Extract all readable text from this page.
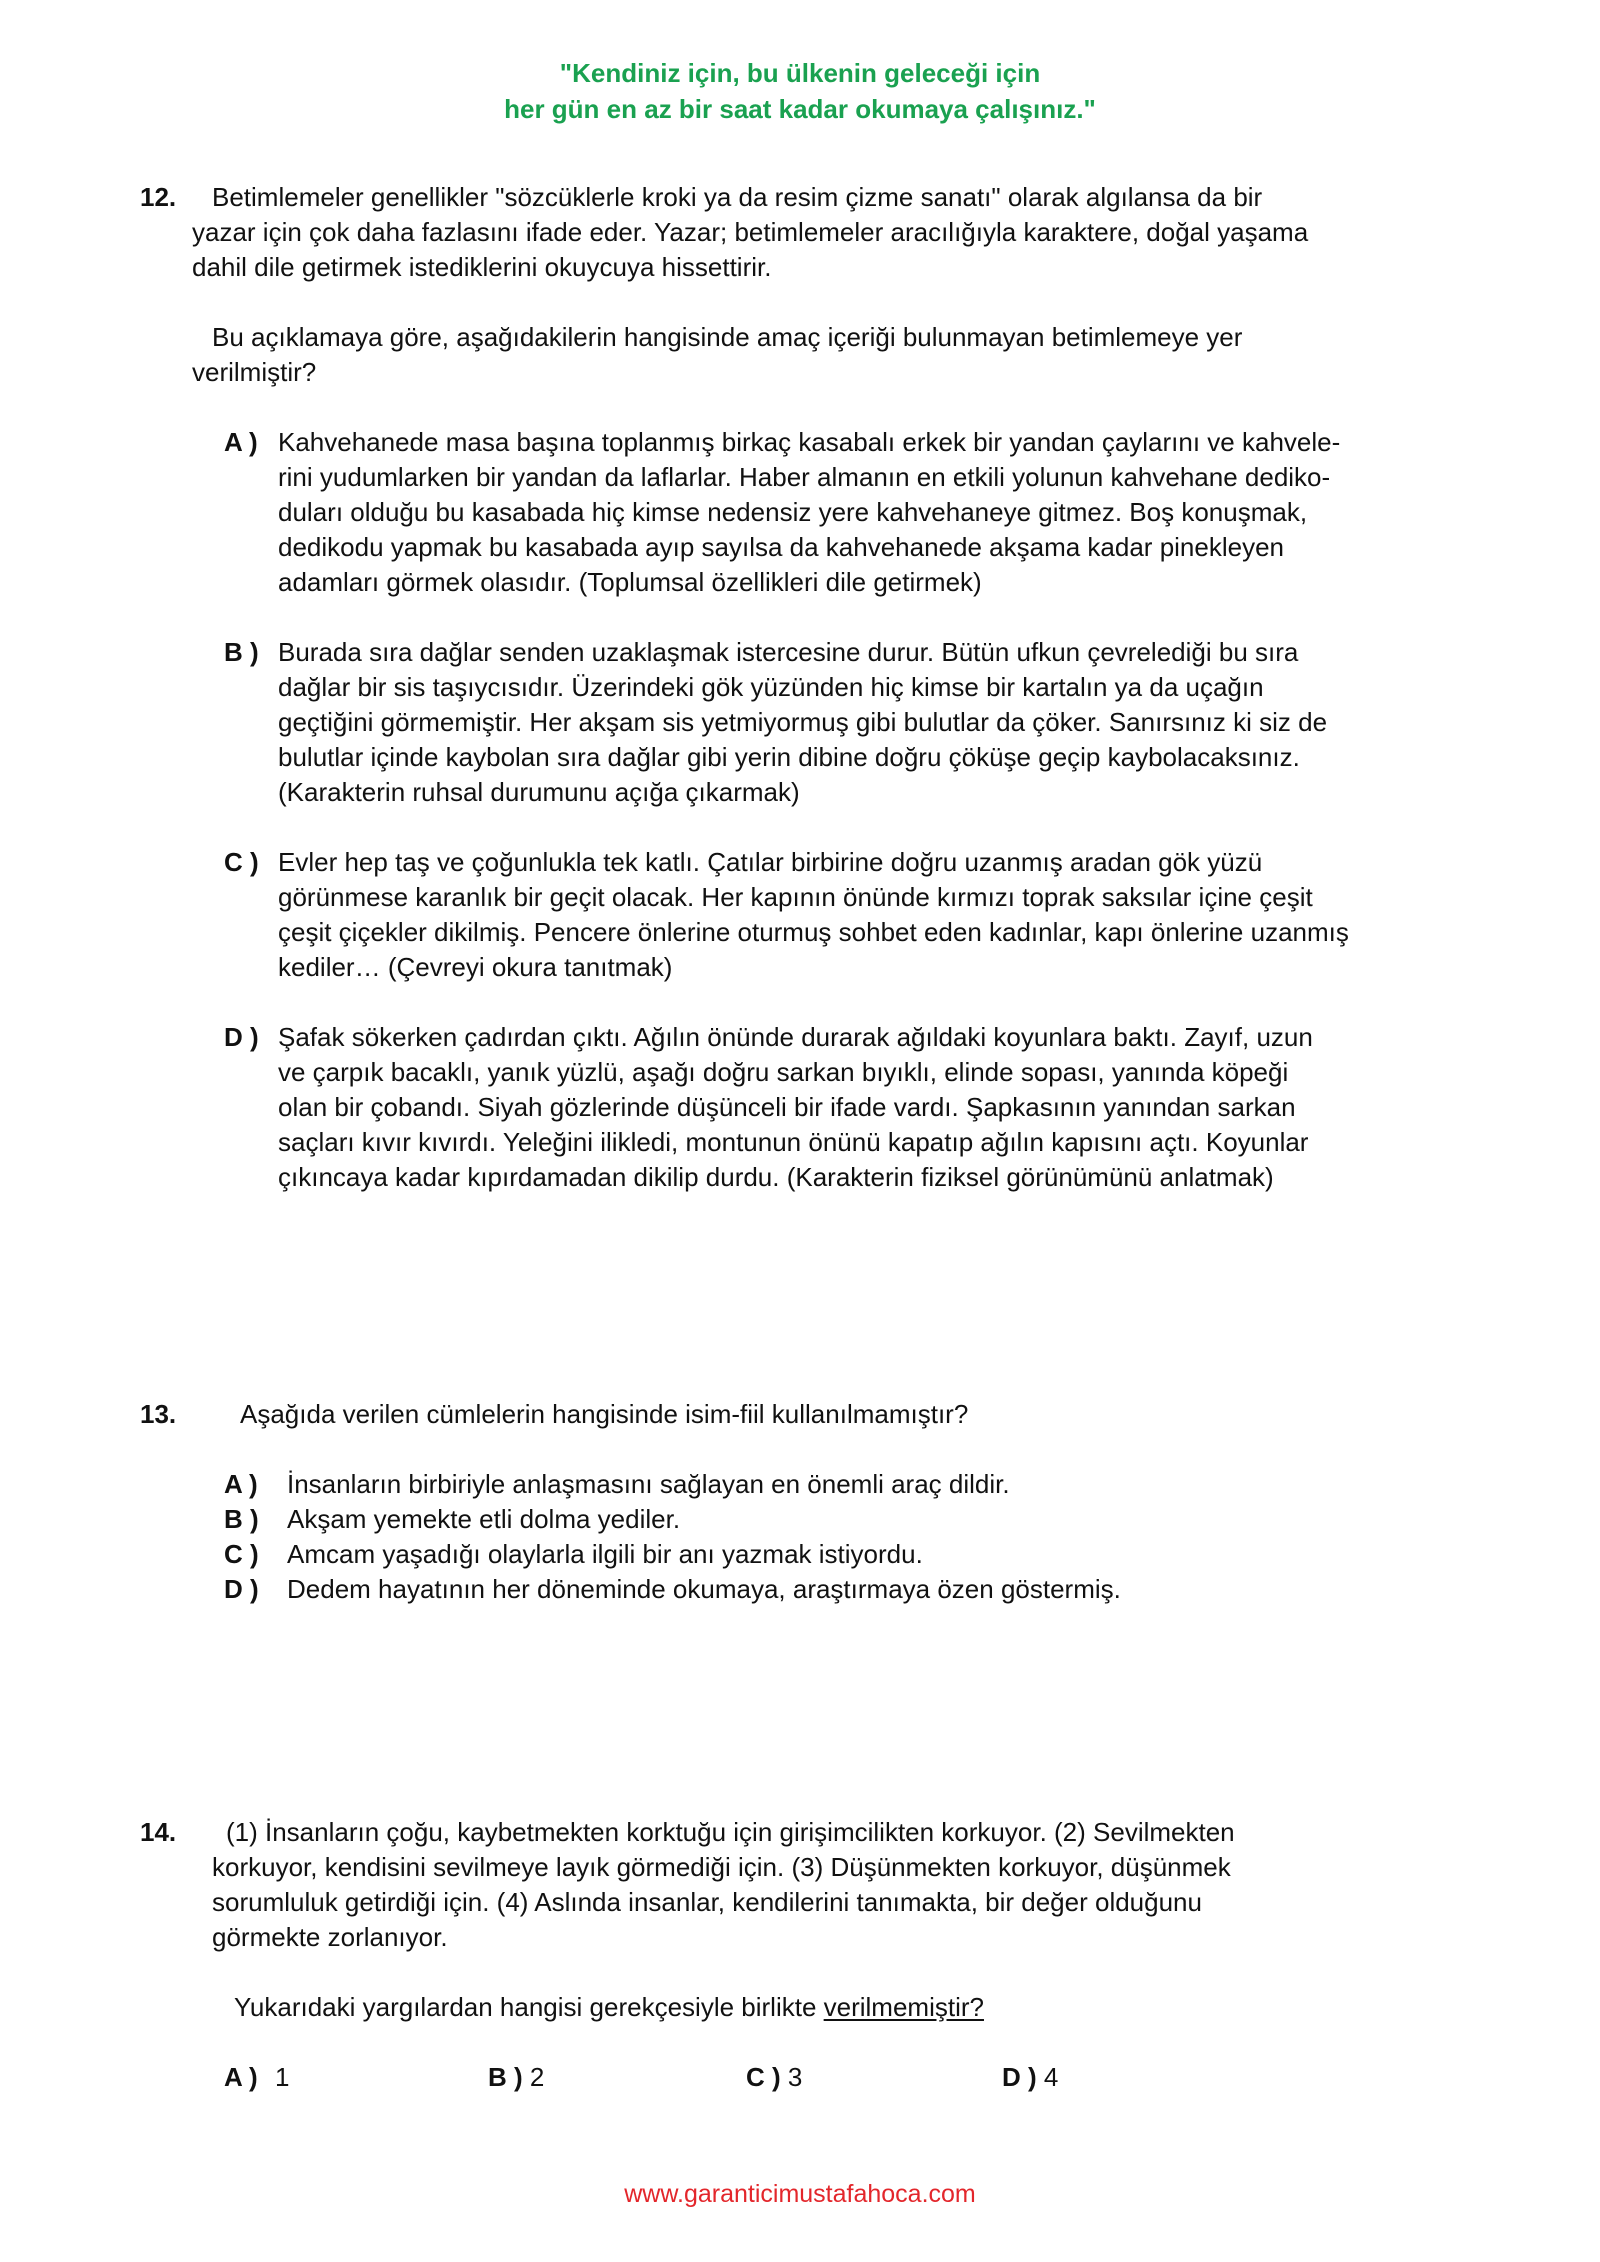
"Kendiniz için, bu ülkenin geleceği için
her gün en az bir saat kadar okumaya çalışınız."
12. Betimlemeler genellikler "sözcüklerle kroki ya da resim çizme sanatı" olarak algılansa da bir
yazar için çok daha fazlasını ifade eder. Yazar; betimlemeler aracılığıyla karaktere, doğal yaşama
dahil dile getirmek istediklerini okuycuya hissettirir.
Bu açıklamaya göre, aşağıdakilerin hangisinde amaç içeriği bulunmayan betimlemeye yer
verilmiştir?
A ) Kahvehanede masa başına toplanmış birkaç kasabalı erkek bir yandan çaylarını ve kahvele-
rini yudumlarken bir yandan da laflarlar. Haber almanın en etkili yolunun kahvehane dediko-
duları olduğu bu kasabada hiç kimse nedensiz yere kahvehaneye gitmez. Boş konuşmak,
dedikodu yapmak bu kasabada ayıp sayılsa da kahvehanede akşama kadar pinekleyen
adamları görmek olasıdır. (Toplumsal özellikleri dile getirmek)
B ) Burada sıra dağlar senden uzaklaşmak istercesine durur. Bütün ufkun çevrelediği bu sıra
dağlar bir sis taşıycısıdır. Üzerindeki gök yüzünden hiç kimse bir kartalın ya da uçağın
geçtiğini görmemiştir. Her akşam sis yetmiyormuş gibi bulutlar da çöker. Sanırsınız ki siz de
bulutlar içinde kaybolan sıra dağlar gibi yerin dibine doğru çöküşe geçip kaybolacaksınız.
(Karakterin ruhsal durumunu açığa çıkarmak)
C ) Evler hep taş ve çoğunlukla tek katlı. Çatılar birbirine doğru uzanmış aradan gök yüzü
görünmese karanlık bir geçit olacak. Her kapının önünde kırmızı toprak saksılar içine çeşit
çeşit çiçekler dikilmiş. Pencere önlerine oturmuş sohbet eden kadınlar, kapı önlerine uzanmış
kediler… (Çevreyi okura tanıtmak)
D ) Şafak sökerken çadırdan çıktı. Ağılın önünde durarak ağıldaki koyunlara baktı. Zayıf, uzun
ve çarpık bacaklı, yanık yüzlü, aşağı doğru sarkan bıyıklı, elinde sopası, yanında köpeği
olan bir çobandı. Siyah gözlerinde düşünceli bir ifade vardı. Şapkasının yanından sarkan
saçları kıvır kıvırdı. Yeleğini ilikledi, montunun önünü kapatıp ağılın kapısını açtı. Koyunlar
çıkıncaya kadar kıpırdamadan dikilip durdu. (Karakterin fiziksel görünümünü anlatmak)
13.	Aşağıda verilen cümlelerin hangisinde isim-fiil kullanılmamıştır?
A ) İnsanların birbiriyle anlaşmasını sağlayan en önemli araç dildir.
B ) Akşam yemekte etli dolma yediler.
C ) Amcam yaşadığı olaylarla ilgili bir anı yazmak istiyordu.
D ) Dedem hayatının her döneminde okumaya, araştırmaya özen göstermiş.
14.	(1) İnsanların çoğu, kaybetmekten korktuğu için girişimcilikten korkuyor. (2) Sevilmekten
korkuyor, kendisini sevilmeye layık görmediği için. (3) Düşünmekten korkuyor, düşünmek
sorumluluk getirdiği için. (4) Aslında insanlar, kendilerini tanımakta, bir değer olduğunu
görmekte zorlanıyor.
Yukarıdaki yargılardan hangisi gerekçesiyle birlikte verilmemiştir?
A ) 1	B ) 2	C ) 3	D ) 4
www.garanticimustafahoca.com
